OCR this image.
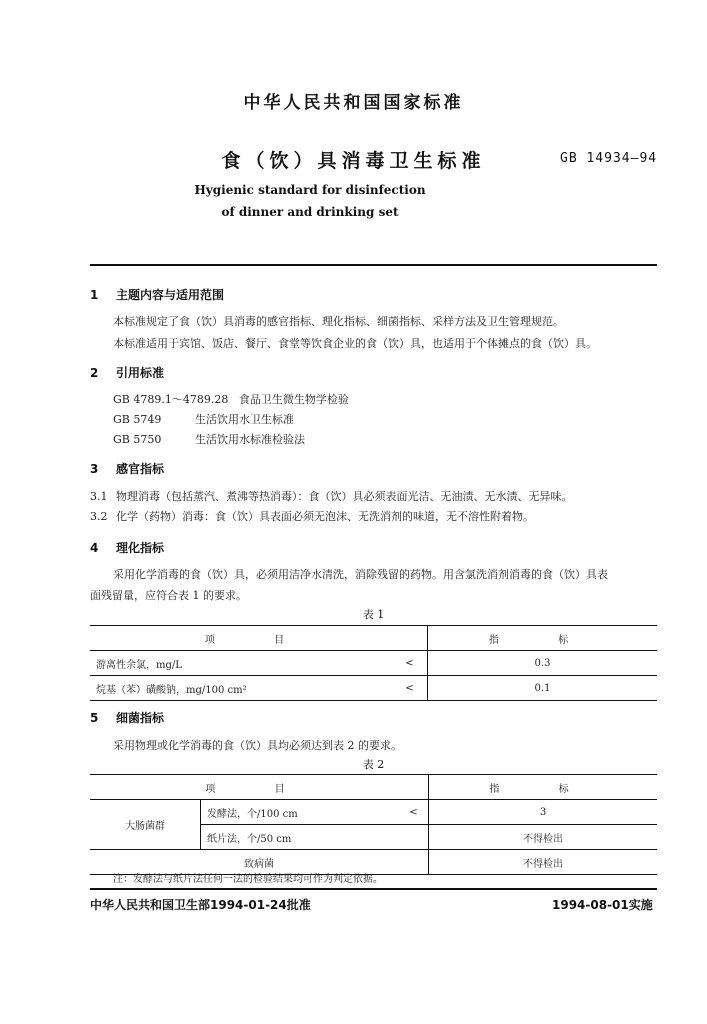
中华人民共和国国家标准
食（饮）具消毒卫生标准	GB 14934—94
Hygienic standard for disinfection
of dinner and drinking set
1 主题内容与适用范围
本标准规定了食（饮）具消毒的感官指标、理化指标、细菌指标、采样方法及卫生管理规范。
本标准适用于宾馆、饭店、餐厅、食堂等饮食企业的食（饮）具，也适用于个体摊点的食（饮）具。
2 引用标准
GB 4789.1～4789.28 食品卫生微生物学检验
GB 5749	生活饮用水卫生标准
GB 5750	生活饮用水标准检验法
3 感官指标
3.1 物理消毒（包括蒸汽、煮沸等热消毒）：食（饮）具必须表面光洁、无油渍、无水渍、无异味。
3.2 化学（药物）消毒：食（饮）具表面必须无泡沫、无洗消剂的味道，无不溶性附着物。
4 理化指标
采用化学消毒的食（饮）具，必须用洁净水清洗，消除残留的药物。用含氯洗消剂消毒的食（饮）具表
面残留量，应符合表 1 的要求。
表 1
项 目		指 标
游离性余氯，mg/L	<	0.3
烷基（苯）磺酸钠，mg/100 cm²	<	0.1
5 细菌指标
采用物理或化学消毒的食（饮）具均必须达到表 2 的要求。
表 2
项 目			指 标
大肠菌群	发酵法，个/100 cm	<	3
	纸片法，个/50 cm		不得检出
致病菌			不得检出
注：发酵法与纸片法任何一法的检验结果均可作为判定依据。
中华人民共和国卫生部1994-01-24批准	1994-08-01实施
